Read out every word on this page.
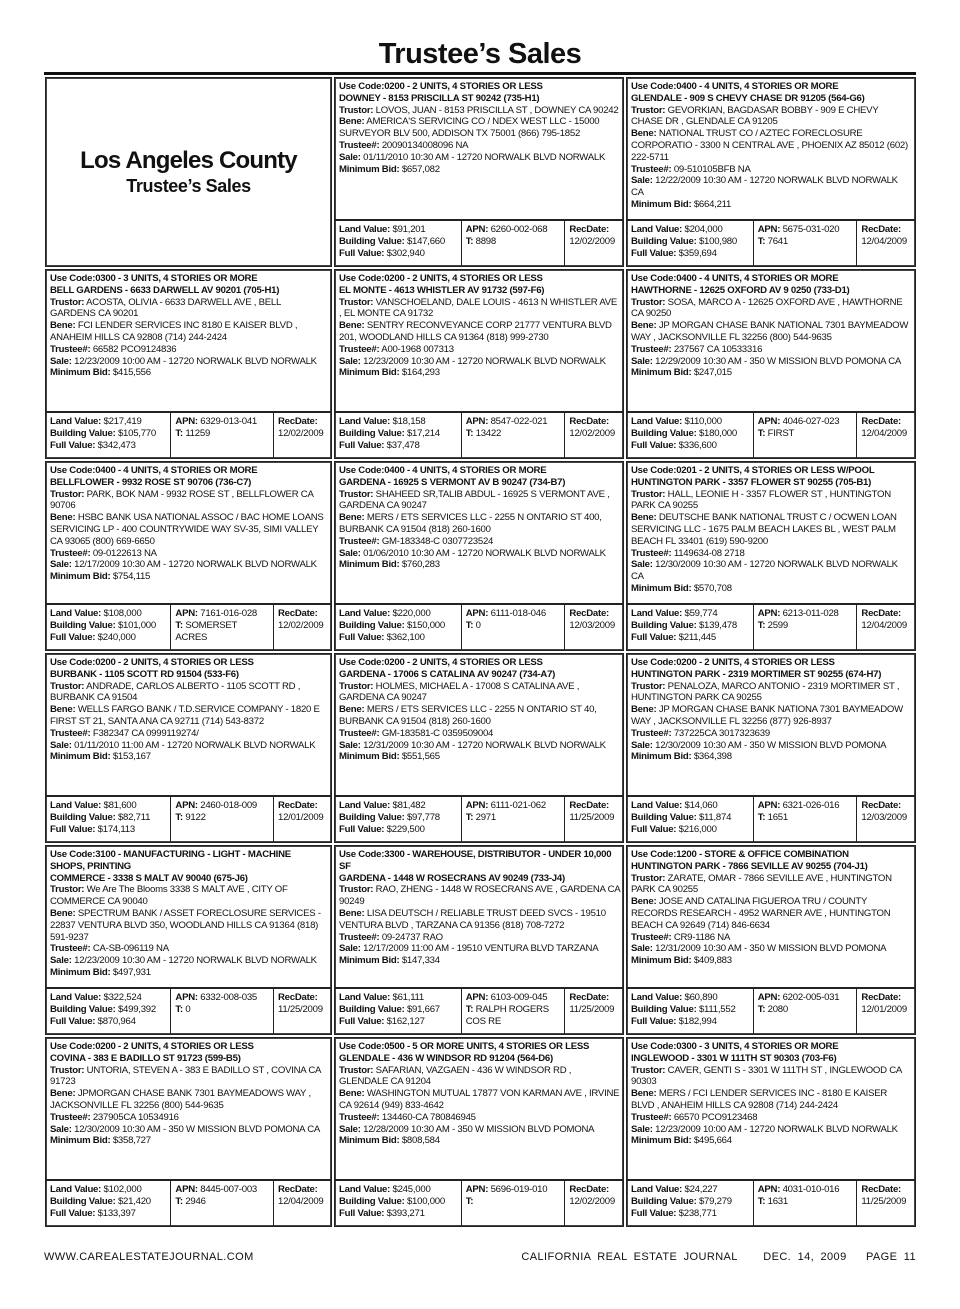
Trustee’s Sales
Los Angeles County
Trustee’s Sales
Use Code:0200 - 2 UNITS, 4 STORIES OR LESS
DOWNEY - 8153 PRISCILLA ST 90242 (735-H1)
Trustor: LOVOS, JUAN - 8153 PRISCILLA ST , DOWNEY CA 90242
Bene: AMERICA'S SERVICING CO / NDEX WEST LLC - 15000 SURVEYOR BLV 500, ADDISON TX 75001 (866) 795-1852
Trustee#: 20090134008096 NA
Sale: 01/11/2010 10:30 AM - 12720 NORWALK BLVD NORWALK
Minimum Bid: $657,082
Land Value: $91,201
Building Value: $147,660
Full Value: $302,940
APN: 6260-002-068
T: 8898
RecDate:
12/02/2009
Use Code:0400 - 4 UNITS, 4 STORIES OR MORE
GLENDALE - 909 S CHEVY CHASE DR 91205 (564-G6)
Trustor: GEVORKIAN, BAGDASAR BOBBY - 909 E CHEVY CHASE DR , GLENDALE CA 91205
Bene: NATIONAL TRUST CO / AZTEC FORECLOSURE CORPORATIO - 3300 N CENTRAL AVE , PHOENIX AZ 85012 (602) 222-5711
Trustee#: 09-510105BFB NA
Sale: 12/22/2009 10:30 AM - 12720 NORWALK BLVD NORWALK CA
Minimum Bid: $664,211
Land Value: $204,000
Building Value: $100,980
Full Value: $359,694
APN: 5675-031-020
T: 7641
RecDate:
12/04/2009
Use Code:0300 - 3 UNITS, 4 STORIES OR MORE
BELL GARDENS - 6633 DARWELL AV 90201 (705-H1)
Trustor: ACOSTA, OLIVIA - 6633 DARWELL AVE , BELL GARDENS CA 90201
Bene: FCI LENDER SERVICES INC 8180 E KAISER BLVD , ANAHEIM HILLS CA 92808 (714) 244-2424
Trustee#: 66582 PCO9124836
Sale: 12/23/2009 10:00 AM - 12720 NORWALK BLVD NORWALK
Minimum Bid: $415,556
Land Value: $217,419
Building Value: $105,770
Full Value: $342,473
APN: 6329-013-041
T: 11259
RecDate:
12/02/2009
Use Code:0200 - 2 UNITS, 4 STORIES OR LESS
EL MONTE - 4613 WHISTLER AV 91732 (597-F6)
Trustor: VANSCHOELAND, DALE LOUIS - 4613 N WHISTLER AVE , EL MONTE CA 91732
Bene: SENTRY RECONVEYANCE CORP 21777 VENTURA BLVD 201, WOODLAND HILLS CA 91364 (818) 999-2730
Trustee#: A00-1968 007313
Sale: 12/23/2009 10:30 AM - 12720 NORWALK BLVD NORWALK
Minimum Bid: $164,293
Land Value: $18,158
Building Value: $17,214
Full Value: $37,478
APN: 8547-022-021
T: 13422
RecDate:
12/02/2009
Use Code:0400 - 4 UNITS, 4 STORIES OR MORE
HAWTHORNE - 12625 OXFORD AV 9 0250 (733-D1)
Trustor: SOSA, MARCO A - 12625 OXFORD AVE , HAWTHORNE CA 90250
Bene: JP MORGAN CHASE BANK NATIONAL 7301 BAYMEADOW WAY , JACKSONVILLE FL 32256 (800) 544-9635
Trustee#: 237567 CA 10533316
Sale: 12/29/2009 10:30 AM - 350 W MISSION BLVD POMONA CA
Minimum Bid: $247,015
Land Value: $110,000
Building Value: $180,000
Full Value: $336,600
APN: 4046-027-023
T: FIRST
RecDate:
12/04/2009
Use Code:0400 - 4 UNITS, 4 STORIES OR MORE
BELLFLOWER - 9932 ROSE ST 90706 (736-C7)
Trustor: PARK, BOK NAM - 9932 ROSE ST , BELLFLOWER CA 90706
Bene: HSBC BANK USA NATIONAL ASSOC / BAC HOME LOANS SERVICING LP - 400 COUNTRYWIDE WAY SV-35, SIMI VALLEY CA 93065 (800) 669-6650
Trustee#: 09-0122613 NA
Sale: 12/17/2009 10:30 AM - 12720 NORWALK BLVD NORWALK
Minimum Bid: $754,115
Land Value: $108,000
Building Value: $101,000
Full Value: $240,000
APN: 7161-016-028
T: SOMERSET ACRES
RecDate:
12/02/2009
Use Code:0400 - 4 UNITS, 4 STORIES OR MORE
GARDENA - 16925 S VERMONT AV B 90247 (734-B7)
Trustor: SHAHEED SR,TALIB ABDUL - 16925 S VERMONT AVE , GARDENA CA 90247
Bene: MERS / ETS SERVICES LLC - 2255 N ONTARIO ST 400, BURBANK CA 91504 (818) 260-1600
Trustee#: GM-183348-C 0307723524
Sale: 01/06/2010 10:30 AM - 12720 NORWALK BLVD NORWALK
Minimum Bid: $760,283
Land Value: $220,000
Building Value: $150,000
Full Value: $362,100
APN: 6111-018-046
T: 0
RecDate:
12/03/2009
Use Code:0201 - 2 UNITS, 4 STORIES OR LESS W/POOL
HUNTINGTON PARK - 3357 FLOWER ST 90255 (705-B1)
Trustor: HALL, LEONIE H - 3357 FLOWER ST , HUNTINGTON PARK CA 90255
Bene: DEUTSCHE BANK NATIONAL TRUST C / OCWEN LOAN SERVICING LLC - 1675 PALM BEACH LAKES BL , WEST PALM BEACH FL 33401 (619) 590-9200
Trustee#: 1149634-08 2718
Sale: 12/30/2009 10:30 AM - 12720 NORWALK BLVD NORWALK CA
Minimum Bid: $570,708
Land Value: $59,774
Building Value: $139,478
Full Value: $211,445
APN: 6213-011-028
T: 2599
RecDate:
12/04/2009
Use Code:0200 - 2 UNITS, 4 STORIES OR LESS
BURBANK - 1105 SCOTT RD 91504 (533-F6)
Trustor: ANDRADE, CARLOS ALBERTO - 1105 SCOTT RD , BURBANK CA 91504
Bene: WELLS FARGO BANK / T.D.SERVICE COMPANY - 1820 E FIRST ST 21, SANTA ANA CA 92711 (714) 543-8372
Trustee#: F382347 CA 0999119274/
Sale: 01/11/2010 11:00 AM - 12720 NORWALK BLVD NORWALK
Minimum Bid: $153,167
Land Value: $81,600
Building Value: $82,711
Full Value: $174,113
APN: 2460-018-009
T: 9122
RecDate:
12/01/2009
Use Code:0200 - 2 UNITS, 4 STORIES OR LESS
GARDENA - 17006 S CATALINA AV 90247 (734-A7)
Trustor: HOLMES, MICHAEL A - 17008 S CATALINA AVE , GARDENA CA 90247
Bene: MERS / ETS SERVICES LLC - 2255 N ONTARIO ST 40, BURBANK CA 91504 (818) 260-1600
Trustee#: GM-183581-C 0359509004
Sale: 12/31/2009 10:30 AM - 12720 NORWALK BLVD NORWALK
Minimum Bid: $551,565
Land Value: $81,482
Building Value: $97,778
Full Value: $229,500
APN: 6111-021-062
T: 2971
RecDate:
11/25/2009
Use Code:0200 - 2 UNITS, 4 STORIES OR LESS
HUNTINGTON PARK - 2319 MORTIMER ST 90255 (674-H7)
Trustor: PENALOZA, MARCO ANTONIO - 2319 MORTIMER ST , HUNTINGTON PARK CA 90255
Bene: JP MORGAN CHASE BANK NATIONA 7301 BAYMEADOW WAY , JACKSONVILLE FL 32256 (877) 926-8937
Trustee#: 737225CA 3017323639
Sale: 12/30/2009 10:30 AM - 350 W MISSION BLVD POMONA
Minimum Bid: $364,398
Land Value: $14,060
Building Value: $11,874
Full Value: $216,000
APN: 6321-026-016
T: 1651
RecDate:
12/03/2009
Use Code:3100 - MANUFACTURING - LIGHT - MACHINE SHOPS, PRINTING
COMMERCE - 3338 S MALT AV 90040 (675-J6)
Trustor: We Are The Blooms 3338 S MALT AVE , CITY OF COMMERCE CA 90040
Bene: SPECTRUM BANK / ASSET FORECLOSURE SERVICES - 22837 VENTURA BLVD 350, WOODLAND HILLS CA 91364 (818) 591-9237
Trustee#: CA-SB-096119 NA
Sale: 12/23/2009 10:30 AM - 12720 NORWALK BLVD NORWALK
Minimum Bid: $497,931
Land Value: $322,524
Building Value: $499,392
Full Value: $870,964
APN: 6332-008-035
T: 0
RecDate:
11/25/2009
Use Code:3300 - WAREHOUSE, DISTRIBUTOR - UNDER 10,000 SF
GARDENA - 1448 W ROSECRANS AV 90249 (733-J4)
Trustor: RAO, ZHENG - 1448 W ROSECRANS AVE , GARDENA CA 90249
Bene: LISA DEUTSCH / RELIABLE TRUST DEED SVCS - 19510 VENTURA BLVD , TARZANA CA 91356 (818) 708-7272
Trustee#: 09-24737 RAO
Sale: 12/17/2009 11:00 AM - 19510 VENTURA BLVD TARZANA
Minimum Bid: $147,334
Land Value: $61,111
Building Value: $91,667
Full Value: $162,127
APN: 6103-009-045
T: RALPH ROGERS COS RE
RecDate:
11/25/2009
Use Code:1200 - STORE & OFFICE COMBINATION
HUNTINGTON PARK - 7866 SEVILLE AV 90255 (704-J1)
Trustor: ZARATE, OMAR - 7866 SEVILLE AVE , HUNTINGTON PARK CA 90255
Bene: JOSE AND CATALINA FIGUEROA TRU / COUNTY RECORDS RESEARCH - 4952 WARNER AVE , HUNTINGTON BEACH CA 92649 (714) 846-6634
Trustee#: CR9-1186 NA
Sale: 12/31/2009 10:30 AM - 350 W MISSION BLVD POMONA
Minimum Bid: $409,883
Land Value: $60,890
Building Value: $111,552
Full Value: $182,994
APN: 6202-005-031
T: 2080
RecDate:
12/01/2009
Use Code:0200 - 2 UNITS, 4 STORIES OR LESS
COVINA - 383 E BADILLO ST 91723 (599-B5)
Trustor: UNTORIA, STEVEN A - 383 E BADILLO ST , COVINA CA 91723
Bene: JPMORGAN CHASE BANK 7301 BAYMEADOWS WAY , JACKSONVILLE FL 32256 (800) 544-9635
Trustee#: 237905CA 10534916
Sale: 12/30/2009 10:30 AM - 350 W MISSION BLVD POMONA CA
Minimum Bid: $358,727
Land Value: $102,000
Building Value: $21,420
Full Value: $133,397
APN: 8445-007-003
T: 2946
RecDate:
12/04/2009
Use Code:0500 - 5 OR MORE UNITS, 4 STORIES OR LESS
GLENDALE - 436 W WINDSOR RD 91204 (564-D6)
Trustor: SAFARIAN, VAZGAEN - 436 W WINDSOR RD , GLENDALE CA 91204
Bene: WASHINGTON MUTUAL 17877 VON KARMAN AVE , IRVINE CA 92614 (949) 833-4642
Trustee#: 134460-CA 780846945
Sale: 12/28/2009 10:30 AM - 350 W MISSION BLVD POMONA
Minimum Bid: $808,584
Land Value: $245,000
Building Value: $100,000
Full Value: $393,271
APN: 5696-019-010
T:
RecDate:
12/02/2009
Use Code:0300 - 3 UNITS, 4 STORIES OR MORE
INGLEWOOD - 3301 W 111TH ST 90303 (703-F6)
Trustor: CAVER, GENTI S - 3301 W 111TH ST , INGLEWOOD CA 90303
Bene: MERS / FCI LENDER SERVICES INC - 8180 E KAISER BLVD , ANAHEIM HILLS CA 92808 (714) 244-2424
Trustee#: 66570 PCO9123468
Sale: 12/23/2009 10:00 AM - 12720 NORWALK BLVD NORWALK
Minimum Bid: $495,664
Land Value: $24,227
Building Value: $79,279
Full Value: $238,771
APN: 4031-010-016
T: 1631
RecDate:
11/25/2009
WWW.CAREALESTATEJOURNAL.COM	CALIFORNIA REAL ESTATE JOURNAL DEC. 14, 2009 PAGE 11
